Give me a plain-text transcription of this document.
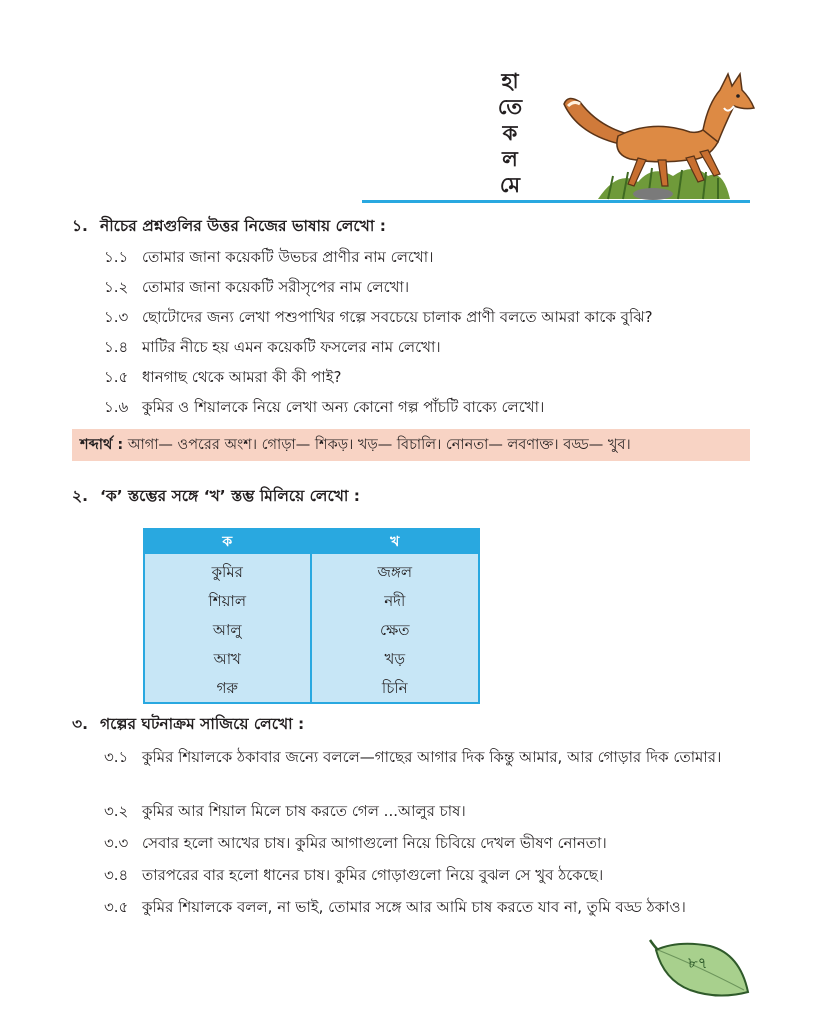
হা
তে
ক
ল
মে
১. নীচের প্রশ্নগুলির উত্তর নিজের ভাষায় লেখো :
১.১ তোমার জানা কয়েকটি উভচর প্রাণীর নাম লেখো।
১.২ তোমার জানা কয়েকটি সরীসৃপের নাম লেখো।
১.৩ ছোটোদের জন্য লেখা পশুপাখির গল্পে সবচেয়ে চালাক প্রাণী বলতে আমরা কাকে বুঝি?
১.৪ মাটির নীচে হয় এমন কয়েকটি ফসলের নাম লেখো।
১.৫ ধানগাছ থেকে আমরা কী কী পাই?
১.৬ কুমির ও শিয়ালকে নিয়ে লেখা অন্য কোনো গল্প পাঁচটি বাক্যে লেখো।
শব্দার্থ : আগা— ওপরের অংশ। গোড়া— শিকড়। খড়— বিচালি। নোনতা— লবণাক্ত। বড্ড— খুব।
২. ‘ক’ স্তম্ভের সঙ্গে ‘খ’ স্তম্ভ মিলিয়ে লেখো :
ক
কুমির
শিয়াল
আলু
আখ
গরু
খ
জঙ্গল
নদী
ক্ষেত
খড়
চিনি
৩. গল্পের ঘটনাক্রম সাজিয়ে লেখো :
৩.১ কুমির শিয়ালকে ঠকাবার জন্যে বললে—গাছের আগার দিক কিন্তু আমার, আর গোড়ার দিক তোমার।
৩.২ কুমির আর শিয়াল মিলে চাষ করতে গেল ...আলুর চাষ।
৩.৩ সেবার হলো আখের চাষ। কুমির আগাগুলো নিয়ে চিবিয়ে দেখল ভীষণ নোনতা।
৩.৪ তারপরের বার হলো ধানের চাষ। কুমির গোড়াগুলো নিয়ে বুঝল সে খুব ঠকেছে।
৩.৫ কুমির শিয়ালকে বলল, না ভাই, তোমার সঙ্গে আর আমি চাষ করতে যাব না, তুমি বড্ড ঠকাও।
৮৭
